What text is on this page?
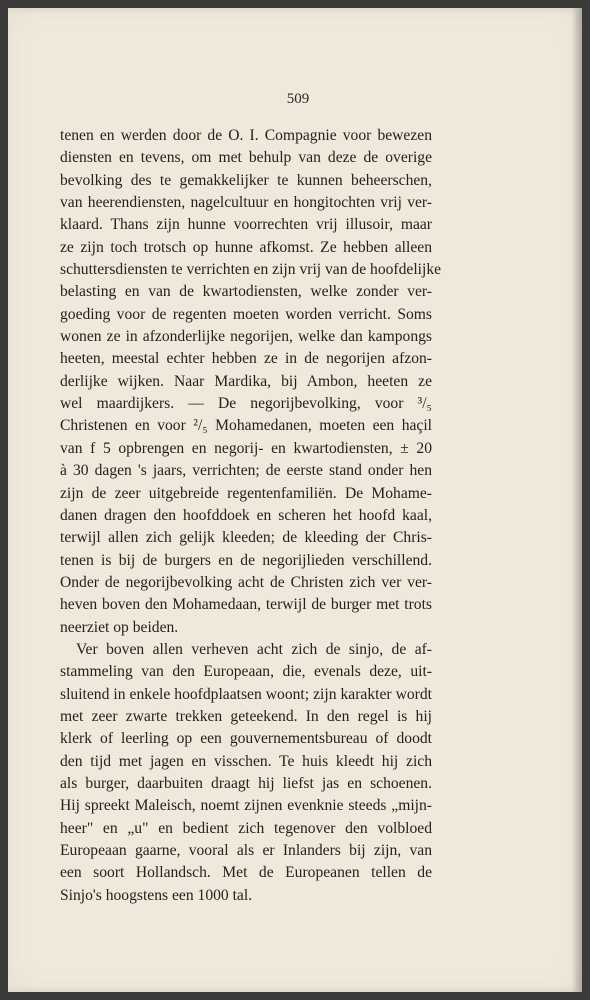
509
tenen en werden door de O. I. Compagnie voor bewezen
diensten en tevens, om met behulp van deze de overige
bevolking des te gemakkelijker te kunnen beheerschen,
van heerendiensten, nagelcultuur en hongitochten vrij ver-
klaard. Thans zijn hunne voorrechten vrij illusoir, maar
ze zijn toch trotsch op hunne afkomst. Ze hebben alleen
schuttersdiensten te verrichten en zijn vrij van de hoofdelijke
belasting en van de kwartodiensten, welke zonder ver-
goeding voor de regenten moeten worden verricht. Soms
wonen ze in afzonderlijke negorijen, welke dan kampongs
heeten, meestal echter hebben ze in de negorijen afzon-
derlijke wijken. Naar Mardika, bij Ambon, heeten ze
wel maardijkers. — De negorijbevolking, voor ³/₅
Christenen en voor ²/₅ Mohamedanen, moeten een haçil
van f 5 opbrengen en negorij- en kwartodiensten, ± 20
à 30 dagen 's jaars, verrichten; de eerste stand onder hen
zijn de zeer uitgebreide regentenfamiliën. De Mohame-
danen dragen den hoofddoek en scheren het hoofd kaal,
terwijl allen zich gelijk kleeden; de kleeding der Chris-
tenen is bij de burgers en de negorijlieden verschillend.
Onder de negorijbevolking acht de Christen zich ver ver-
heven boven den Mohamedaan, terwijl de burger met trots
neerziet op beiden.
Ver boven allen verheven acht zich de sinjo, de af-
stammeling van den Europeaan, die, evenals deze, uit-
sluitend in enkele hoofdplaatsen woont; zijn karakter wordt
met zeer zwarte trekken geteekend. In den regel is hij
klerk of leerling op een gouvernementsbureau of doodt
den tijd met jagen en visschen. Te huis kleedt hij zich
als burger, daarbuiten draagt hij liefst jas en schoenen.
Hij spreekt Maleisch, noemt zijnen evenknie steeds „mijn-
heer" en „u" en bedient zich tegenover den volbloed
Europeaan gaarne, vooral als er Inlanders bij zijn, van
een soort Hollandsch. Met de Europeanen tellen de
Sinjo's hoogstens een 1000 tal.
